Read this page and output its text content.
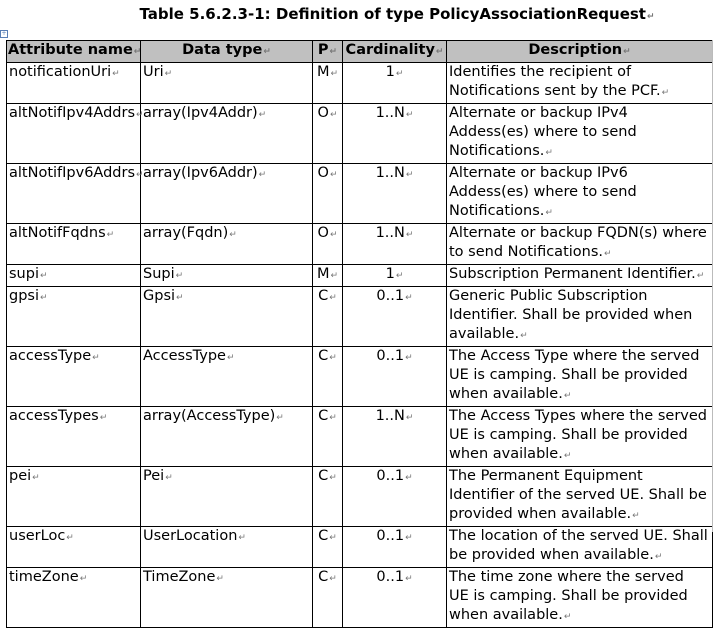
Table 5.6.2.3-1: Definition of type PolicyAssociationRequest↵
+
Attribute name↵	Data type↵	P↵	Cardinality↵	Description↵
notificationUri↵	Uri↵	M↵	1↵	Identifies the recipient of Notifications sent by the PCF.↵
altNotifIpv4Addrs↵	array(Ipv4Addr)↵	O↵	1..N↵	Alternate or backup IPv4 Addess(es) where to send Notifications.↵
altNotifIpv6Addrs↵	array(Ipv6Addr)↵	O↵	1..N↵	Alternate or backup IPv6 Addess(es) where to send Notifications.↵
altNotifFqdns↵	array(Fqdn)↵	O↵	1..N↵	Alternate or backup FQDN(s) where to send Notifications.↵
supi↵	Supi↵	M↵	1↵	Subscription Permanent Identifier.↵
gpsi↵	Gpsi↵	C↵	0..1↵	Generic Public Subscription Identifier. Shall be provided when available.↵
accessType↵	AccessType↵	C↵	0..1↵	The Access Type where the served UE is camping. Shall be provided when available.↵
accessTypes↵	array(AccessType)↵	C↵	1..N↵	The Access Types where the served UE is camping. Shall be provided when available.↵
pei↵	Pei↵	C↵	0..1↵	The Permanent Equipment Identifier of the served UE. Shall be provided when available.↵
userLoc↵	UserLocation↵	C↵	0..1↵	The location of the served UE. Shall be provided when available.↵
timeZone↵	TimeZone↵	C↵	0..1↵	The time zone where the served UE is camping. Shall be provided when available.↵
